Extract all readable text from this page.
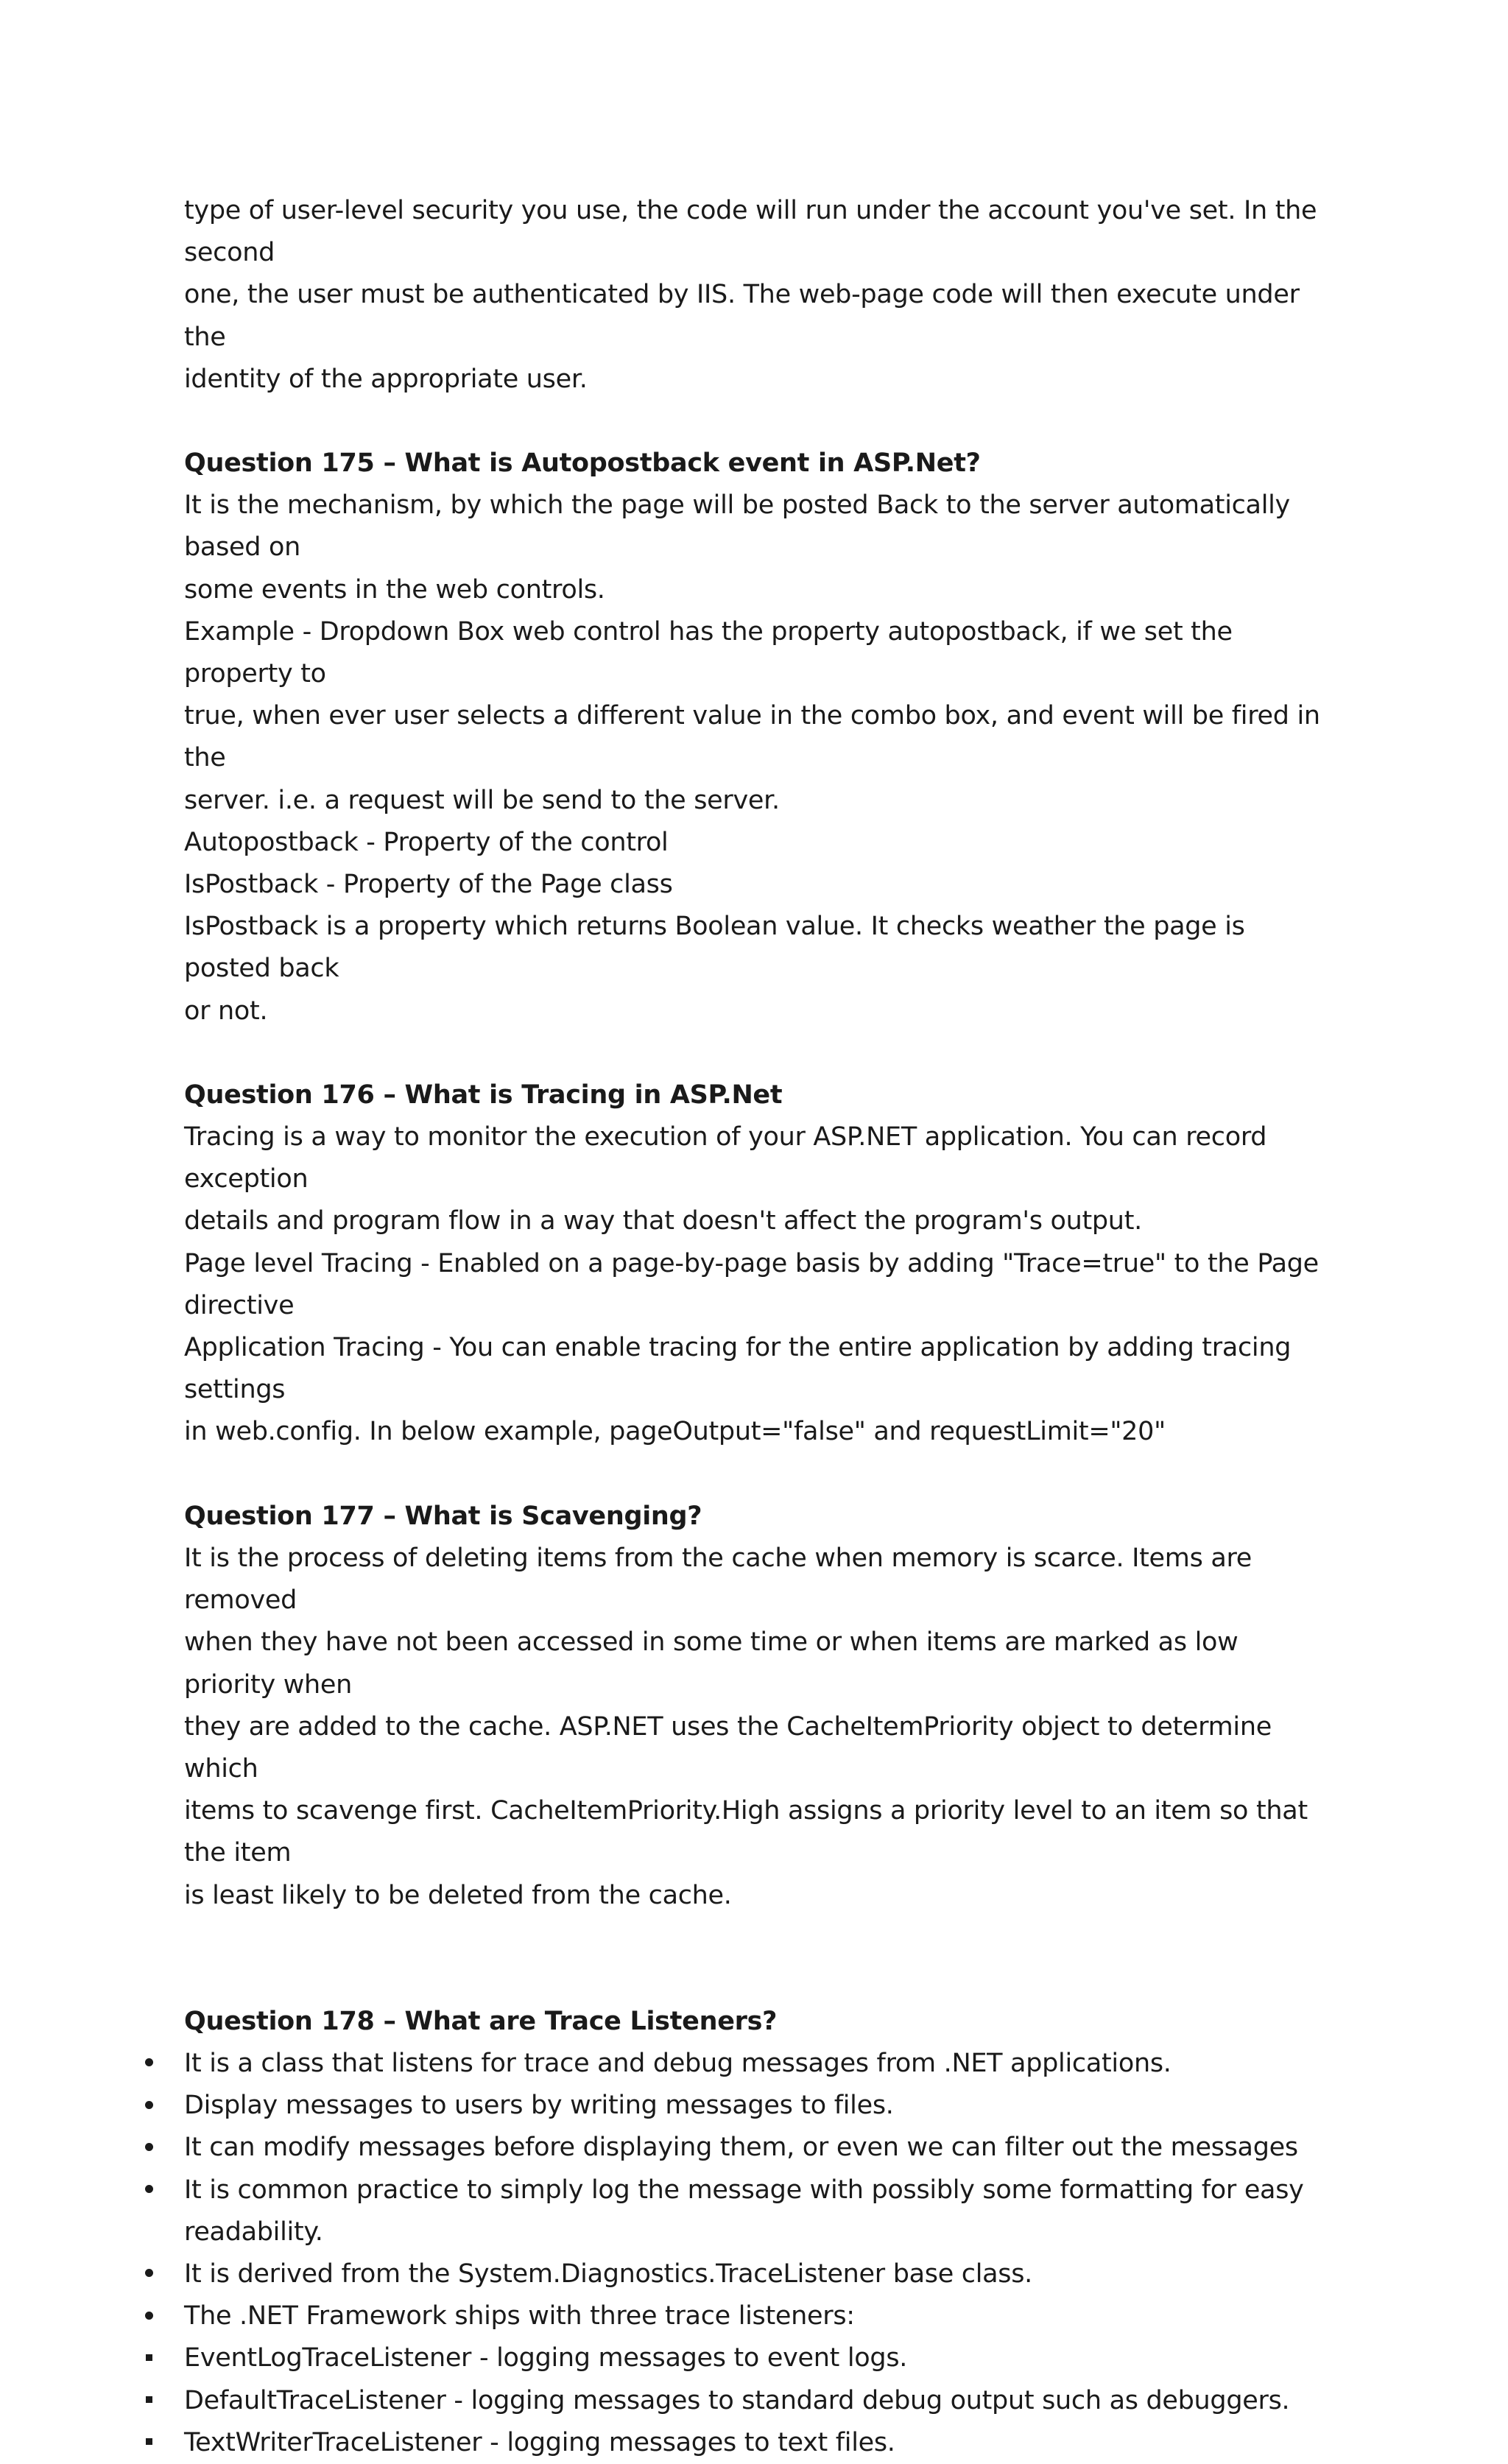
type of user-level security you use, the code will run under the account you've set. In the second

one, the user must be authenticated by IIS. The web-page code will then execute under the

identity of the appropriate user.

Question 175 – What is Autopostback event in ASP.Net?

It is the mechanism, by which the page will be posted Back to the server automatically based on

some events in the web controls.

Example - Dropdown Box web control has the property autopostback, if we set the property to

true, when ever user selects a different value in the combo box, and event will be fired in the

server. i.e. a request will be send to the server.

Autopostback - Property of the control

IsPostback - Property of the Page class

IsPostback is a property which returns Boolean value. It checks weather the page is posted back

or not.

Question 176 – What is Tracing in ASP.Net

Tracing is a way to monitor the execution of your ASP.NET application. You can record exception

details and program flow in a way that doesn't affect the program's output.

Page level Tracing - Enabled on a page-by-page basis by adding "Trace=true" to the Page

directive

Application Tracing - You can enable tracing for the entire application by adding tracing settings

in web.config. In below example, pageOutput="false" and requestLimit="20"

Question 177 – What is Scavenging?

It is the process of deleting items from the cache when memory is scarce. Items are removed

when they have not been accessed in some time or when items are marked as low priority when

they are added to the cache. ASP.NET uses the CacheItemPriority object to determine which

items to scavenge first. CacheItemPriority.High assigns a priority level to an item so that the item

is least likely to be deleted from the cache.

Question 178 – What are Trace Listeners?

It is a class that listens for trace and debug messages from .NET applications.
Display messages to users by writing messages to files.
It can modify messages before displaying them, or even we can filter out the messages
It is common practice to simply log the message with possibly some formatting for easy
readability.
It is derived from the System.Diagnostics.TraceListener base class.
The .NET Framework ships with three trace listeners:
EventLogTraceListener - logging messages to event logs.
DefaultTraceListener - logging messages to standard debug output such as debuggers.
TextWriterTraceListener - logging messages to text files.
